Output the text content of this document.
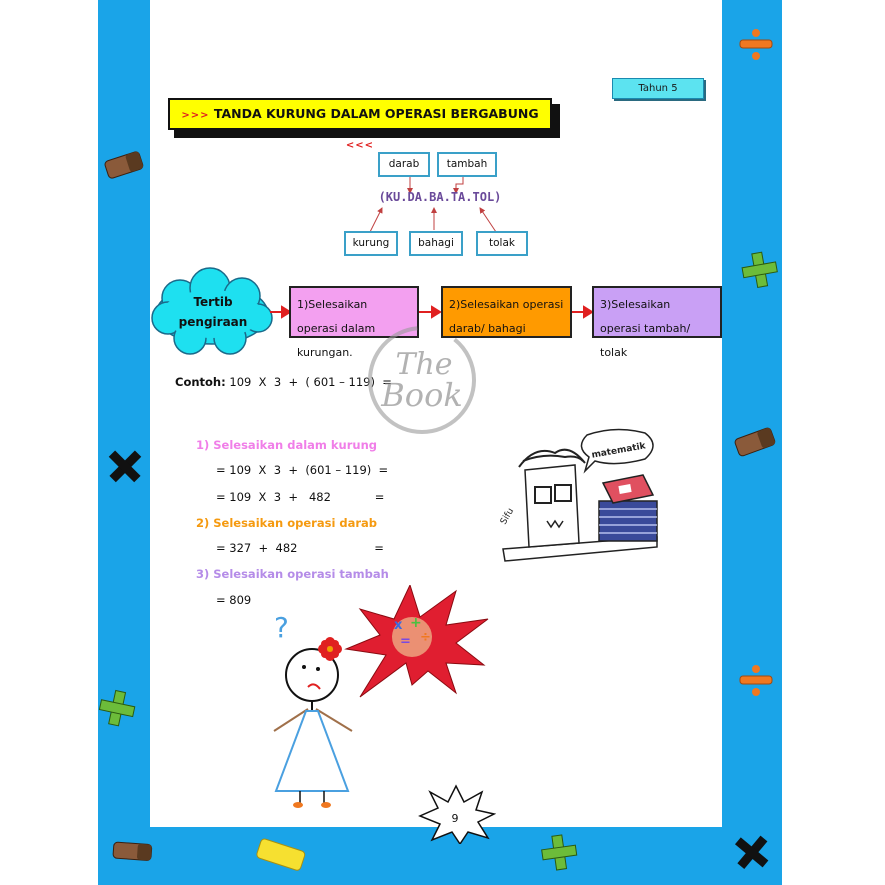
Tahun 5
>>> TANDA KURUNG DALAM OPERASI BERGABUNG <<<
darab	tambah
(KU.DA.BA.TA.TOL)
kurung	bahagi	tolak
Tertib pengiraan
1)Selesaikan operasi dalam kurungan.
2)Selesaikan operasi darab/ bahagi
3)Selesaikan operasi tambah/ tolak
Contoh: 109  X  3  +  ( 601 – 119)  = The
Book
1) Selesaikan dalam kurung
= 109  X  3  +  (601 – 119)  =
= 109  X  3  +   482            =
2) Selesaikan operasi darab
= 327  +  482                     =
3) Selesaikan operasi tambah
= 809
matematik
Sifu
x +
÷
=
?
9
